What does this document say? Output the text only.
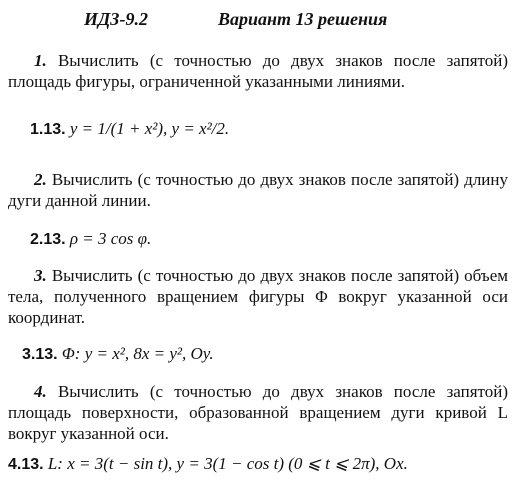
ИДЗ-9.2	Вариант 13 решения
1. Вычислить (с точностью до двух знаков после запятой) площадь фигуры, ограниченной указанными линиями.
1.13. y = 1/(1 + x²), y = x²/2.
2. Вычислить (с точностью до двух знаков после запятой) длину дуги данной линии.
2.13. ρ = 3 cos φ.
3. Вычислить (с точностью до двух знаков после запятой) объем тела, полученного вращением фигуры Φ вокруг указанной оси координат.
3.13. Φ: y = x², 8x = y², Oy.
4. Вычислить (с точностью до двух знаков после запятой) площадь поверхности, образованной вращением дуги кривой L вокруг указанной оси.
4.13. L: x = 3(t − sin t), y = 3(1 − cos t) (0 ⩽ t ⩽ 2π), Ox.
